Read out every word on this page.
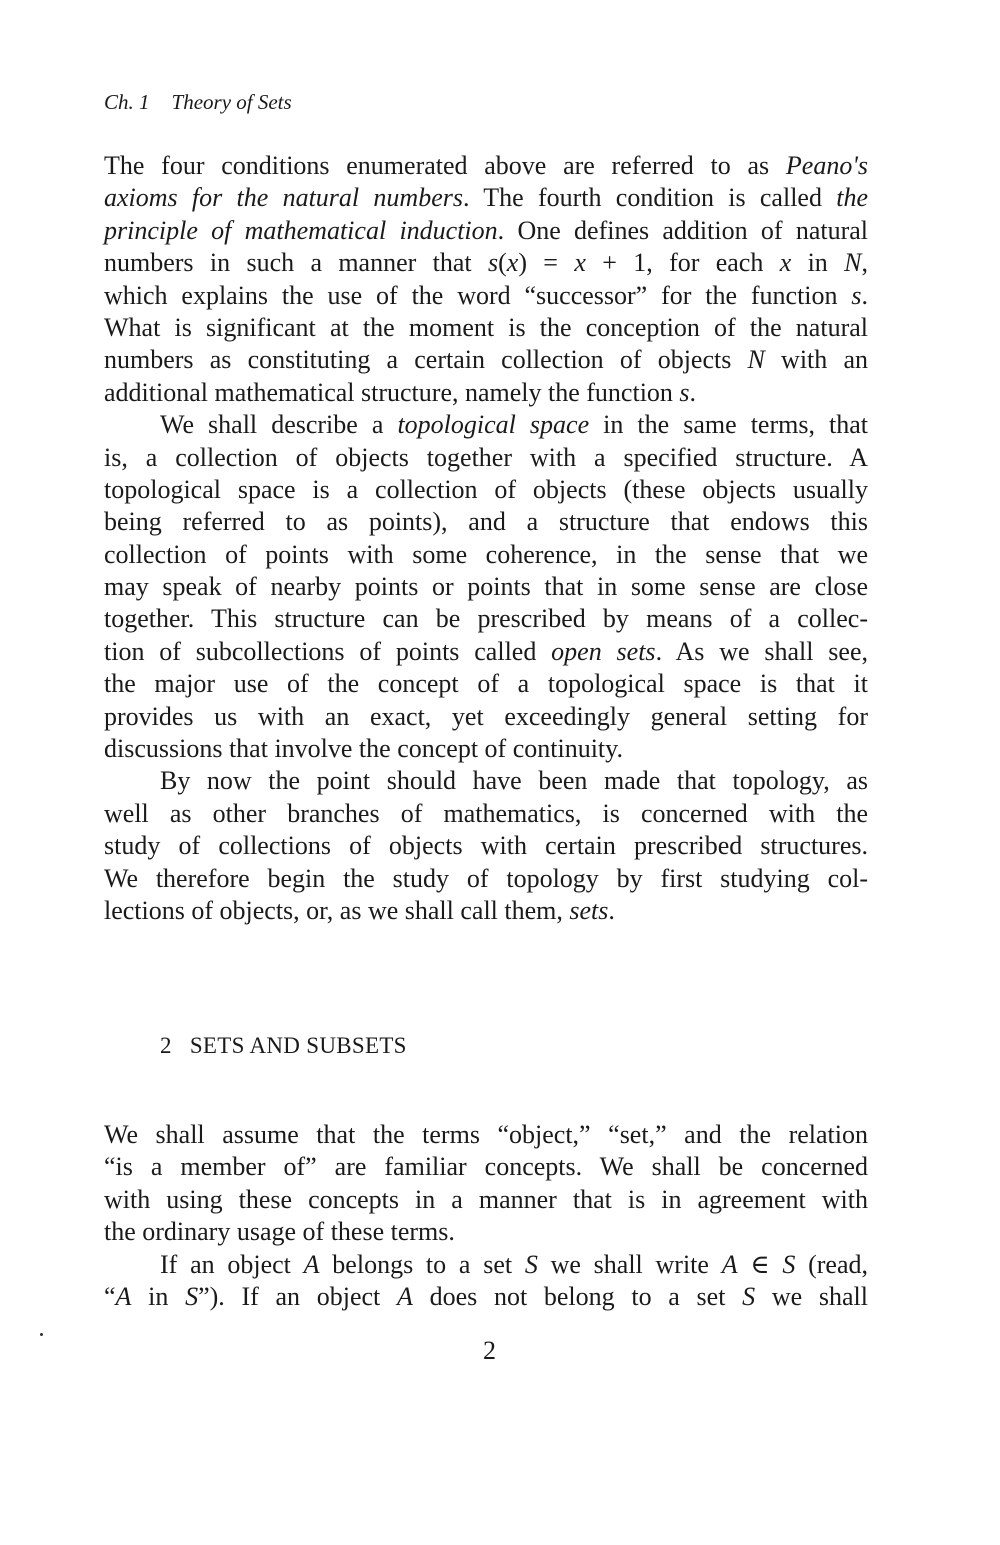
Ch. 1 Theory of Sets
The four conditions enumerated above are referred to as Peano's
axioms for the natural numbers. The fourth condition is called the
principle of mathematical induction. One defines addition of natural
numbers in such a manner that s(x) = x + 1, for each x in N,
which explains the use of the word “successor” for the function s.
What is significant at the moment is the conception of the natural
numbers as constituting a certain collection of objects N with an
additional mathematical structure, namely the function s.
We shall describe a topological space in the same terms, that
is, a collection of objects together with a specified structure. A
topological space is a collection of objects (these objects usually
being referred to as points), and a structure that endows this
collection of points with some coherence, in the sense that we
may speak of nearby points or points that in some sense are close
together. This structure can be prescribed by means of a collec-
tion of subcollections of points called open sets. As we shall see,
the major use of the concept of a topological space is that it
provides us with an exact, yet exceedingly general setting for
discussions that involve the concept of continuity.
By now the point should have been made that topology, as
well as other branches of mathematics, is concerned with the
study of collections of objects with certain prescribed structures.
We therefore begin the study of topology by first studying col-
lections of objects, or, as we shall call them, sets.
2 SETS AND SUBSETS
We shall assume that the terms “object,” “set,” and the relation
“is a member of” are familiar concepts. We shall be concerned
with using these concepts in a manner that is in agreement with
the ordinary usage of these terms.
If an object A belongs to a set S we shall write A ∈ S (read,
“A in S”). If an object A does not belong to a set S we shall
2
